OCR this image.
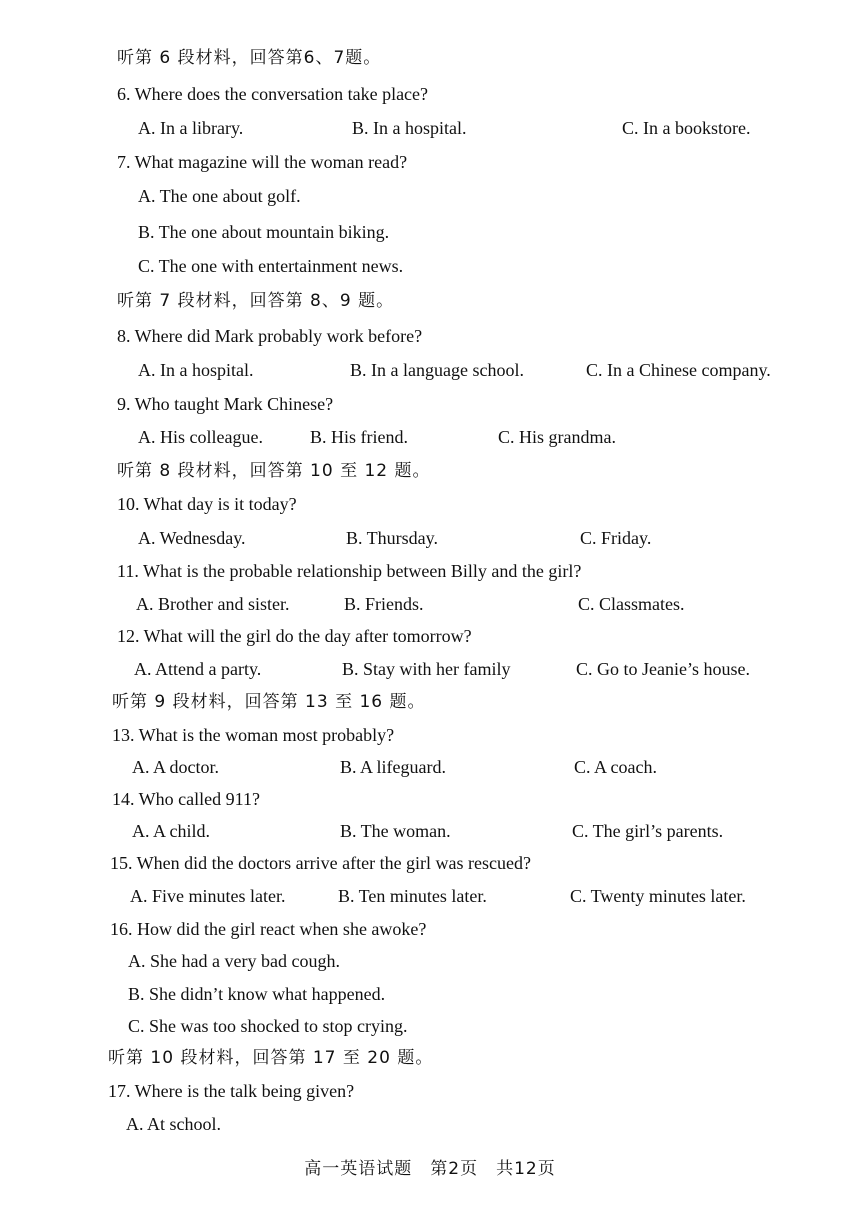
听第 6 段材料，回答第6、7题。
6. Where does the conversation take place?
A. In a library.	B. In a hospital.	C. In a bookstore.
7. What magazine will the woman read?
A. The one about golf.
B. The one about mountain biking.
C. The one with entertainment news.
听第 7 段材料，回答第 8、9 题。
8. Where did Mark probably work before?
A. In a hospital.	B. In a language school.	C. In a Chinese company.
9. Who taught Mark Chinese?
A. His colleague.	B. His friend.	C. His grandma.
听第 8 段材料，回答第 10 至 12 题。
10. What day is it today?
A. Wednesday.	B. Thursday.	C. Friday.
11. What is the probable relationship between Billy and the girl?
A. Brother and sister.	B. Friends.	C. Classmates.
12. What will the girl do the day after tomorrow?
A. Attend a party.	B. Stay with her family	C. Go to Jeanie’s house.
听第 9 段材料，回答第 13 至 16 题。
13. What is the woman most probably?
A. A doctor.	B. A lifeguard.	C. A coach.
14. Who called 911?
A. A child.	B. The woman.	C. The girl’s parents.
15. When did the doctors arrive after the girl was rescued?
A. Five minutes later.	B. Ten minutes later.	C. Twenty minutes later.
16. How did the girl react when she awoke?
A. She had a very bad cough.
B. She didn’t know what happened.
C. She was too shocked to stop crying.
听第 10 段材料，回答第 17 至 20 题。
17. Where is the talk being given?
A. At school.
高一英语试题　第2页　共12页
